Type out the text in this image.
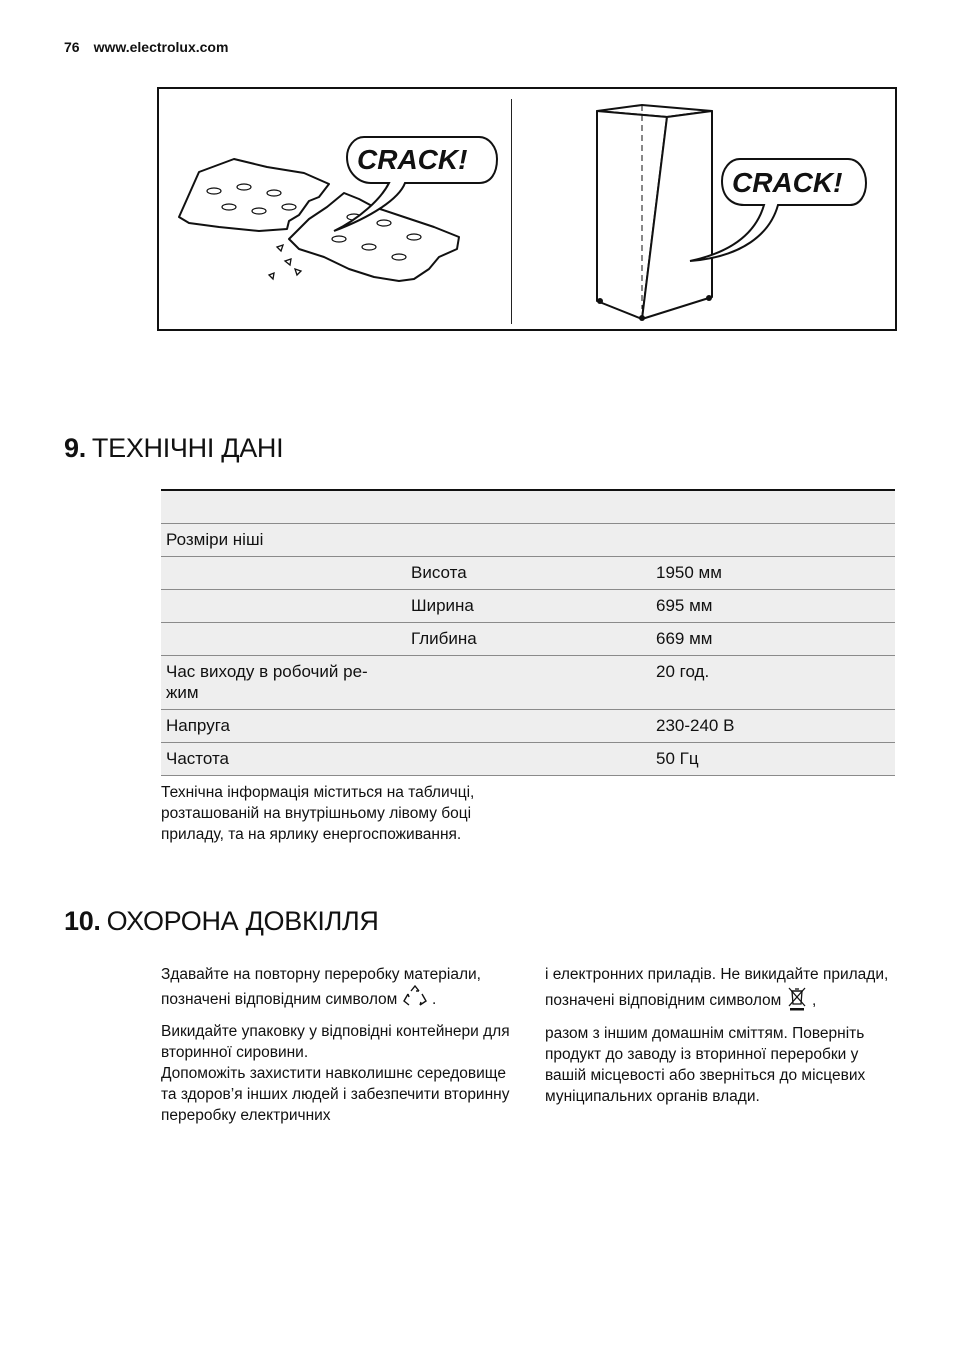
76 www.electrolux.com
CRACK!
CRACK!
9. ТЕХНІЧНІ ДАНІ

Розміри ніші		
	Висота	1950 мм
	Ширина	695 мм
	Глибина	669 мм
Час виходу в робочий ре-
жим		20 год.
Напруга		230-240 В
Частота		50 Гц
Технічна інформація міститься на табличці, розташованій на внутрішньому лівому боці приладу, та на ярлику енергоспоживання.
10. ОХОРОНА ДОВКІЛЛЯ

Здавайте на повторну переробку матеріали, позначені відповідним символом .

Викидайте упаковку у відповідні контейнери для вторинної сировини.

Допоможіть захистити навколишнє середовище та здоров’я інших людей і забезпечити вторинну переробку електричних

і електронних приладів. Не викидайте прилади, позначені відповідним символом ,

разом з іншим домашнім сміттям. Поверніть продукт до заводу із вторинної переробки у вашій місцевості або зверніться до місцевих муніципальних органів влади.
